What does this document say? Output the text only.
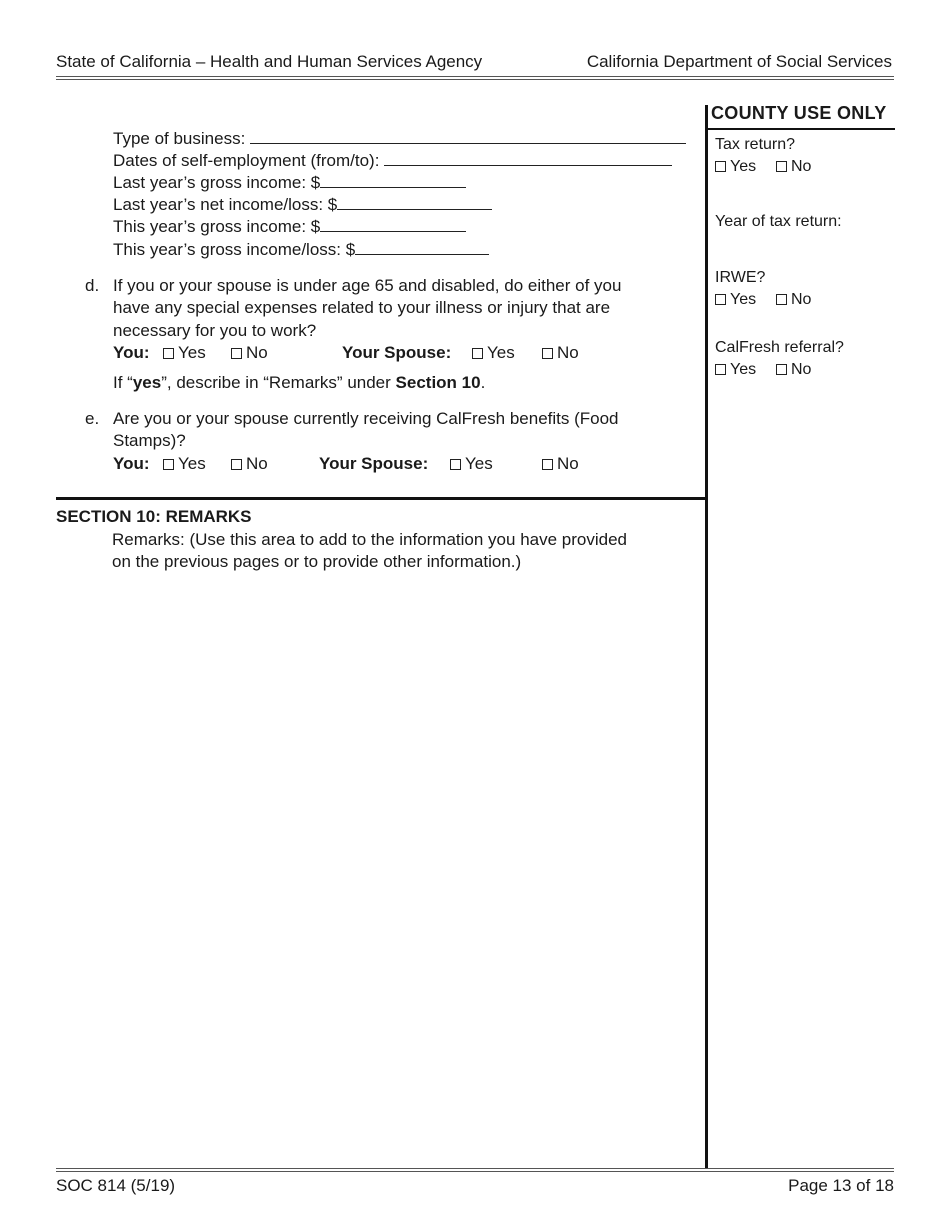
State of California – Health and Human Services Agency	California Department of Social Services
Type of business:
Dates of self-employment (from/to):
Last year’s gross income: $
Last year’s net income/loss: $
This year’s gross income: $
This year’s gross income/loss: $
d. If you or your spouse is under age 65 and disabled, do either of you
have any special expenses related to your illness or injury that are
necessary for you to work?
You:	Yes	No	Your Spouse:	Yes	No
If “yes”, describe in “Remarks” under Section 10.
e. Are you or your spouse currently receiving CalFresh benefits (Food
Stamps)?
You:	Yes	No	Your Spouse:	Yes	No
SECTION 10: REMARKS
Remarks: (Use this area to add to the information you have provided
on the previous pages or to provide other information.)
COUNTY USE ONLY
Tax return?
Yes	No
Year of tax return:
IRWE?
Yes	No
CalFresh referral?
Yes	No
SOC 814 (5/19)	Page 13 of 18
